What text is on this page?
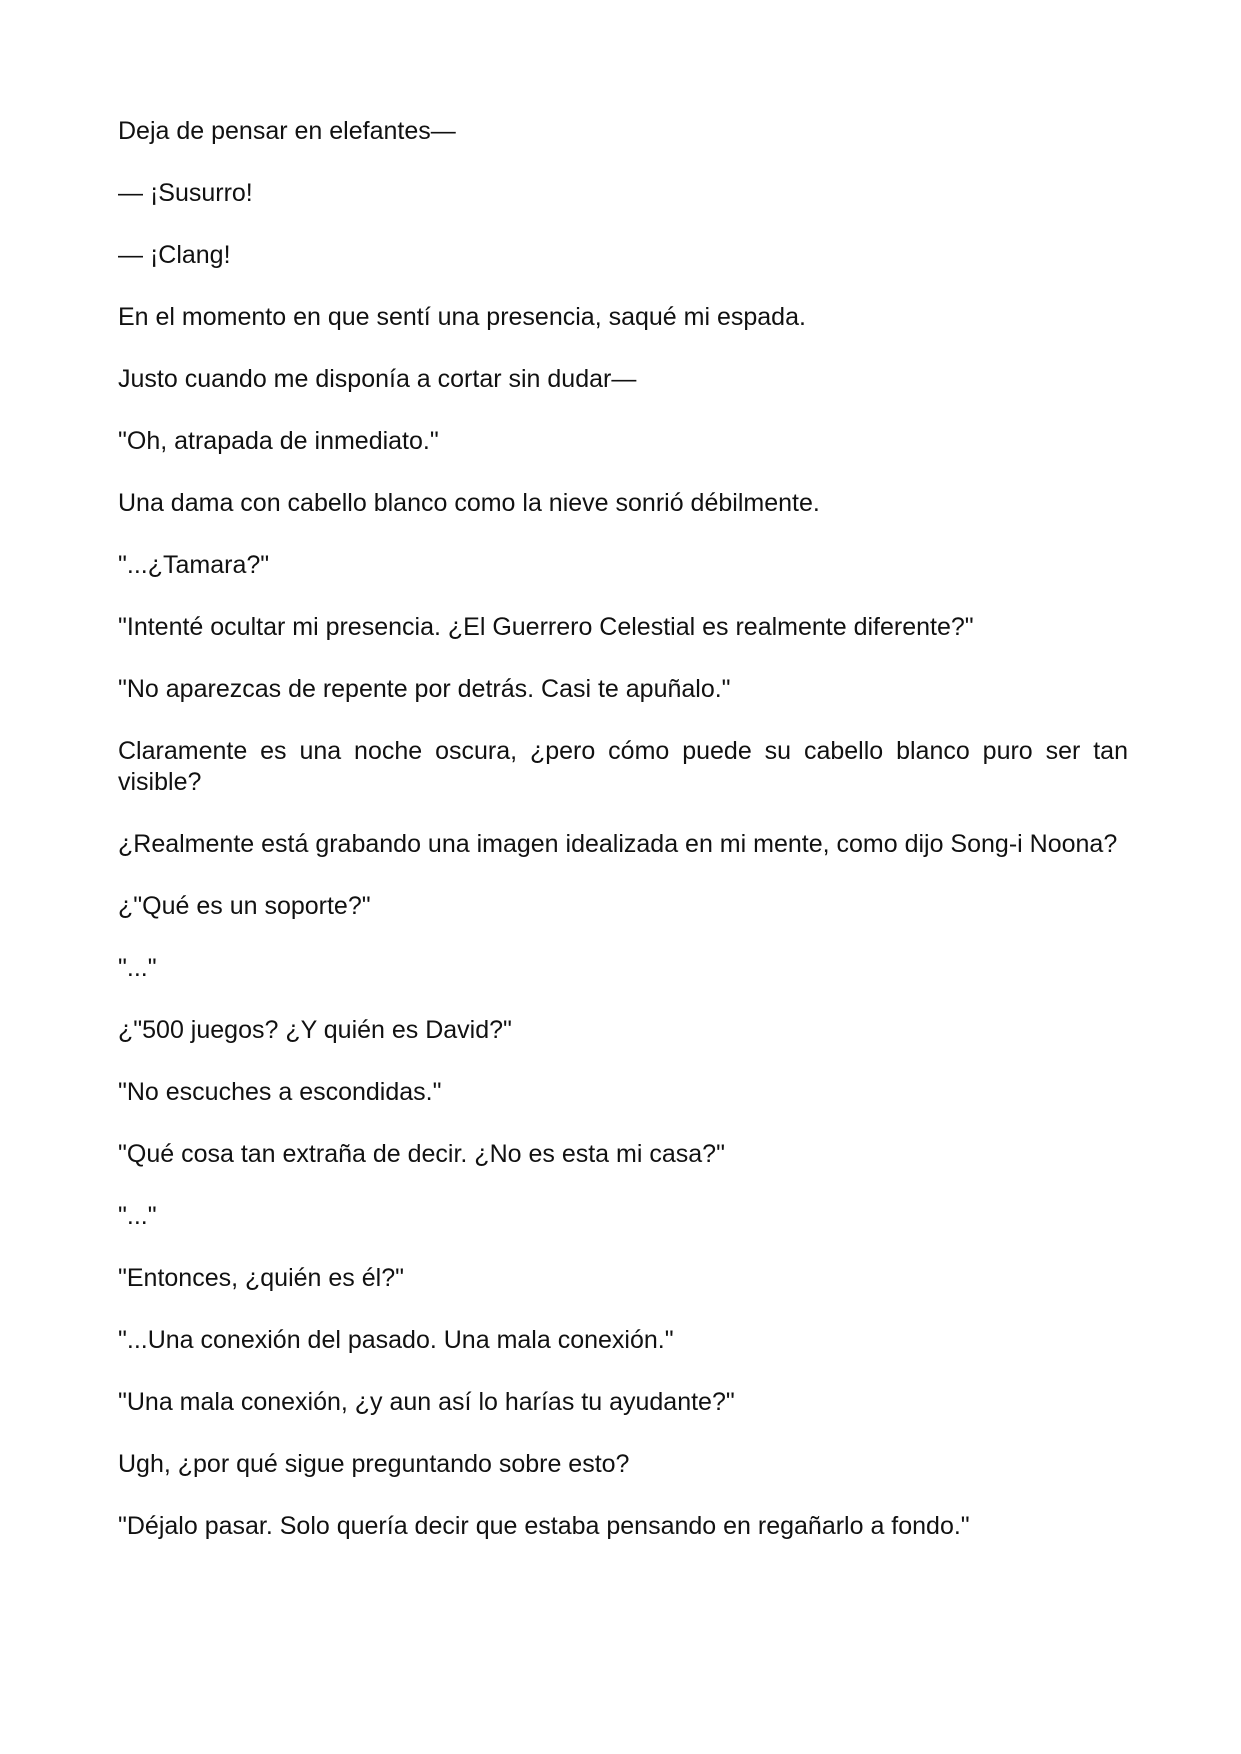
Deja de pensar en elefantes—

— ¡Susurro!

— ¡Clang!

En el momento en que sentí una presencia, saqué mi espada.

Justo cuando me disponía a cortar sin dudar—

"Oh, atrapada de inmediato."

Una dama con cabello blanco como la nieve sonrió débilmente.

"...¿Tamara?"

"Intenté ocultar mi presencia. ¿El Guerrero Celestial es realmente diferente?"

"No aparezcas de repente por detrás. Casi te apuñalo."

Claramente es una noche oscura, ¿pero cómo puede su cabello blanco puro ser tan visible?

¿Realmente está grabando una imagen idealizada en mi mente, como dijo Song-i Noona?

¿"Qué es un soporte?"

"..."

¿"500 juegos? ¿Y quién es David?"

"No escuches a escondidas."

"Qué cosa tan extraña de decir. ¿No es esta mi casa?"

"..."

"Entonces, ¿quién es él?"

"...Una conexión del pasado. Una mala conexión."

"Una mala conexión, ¿y aun así lo harías tu ayudante?"

Ugh, ¿por qué sigue preguntando sobre esto?

"Déjalo pasar. Solo quería decir que estaba pensando en regañarlo a fondo."
